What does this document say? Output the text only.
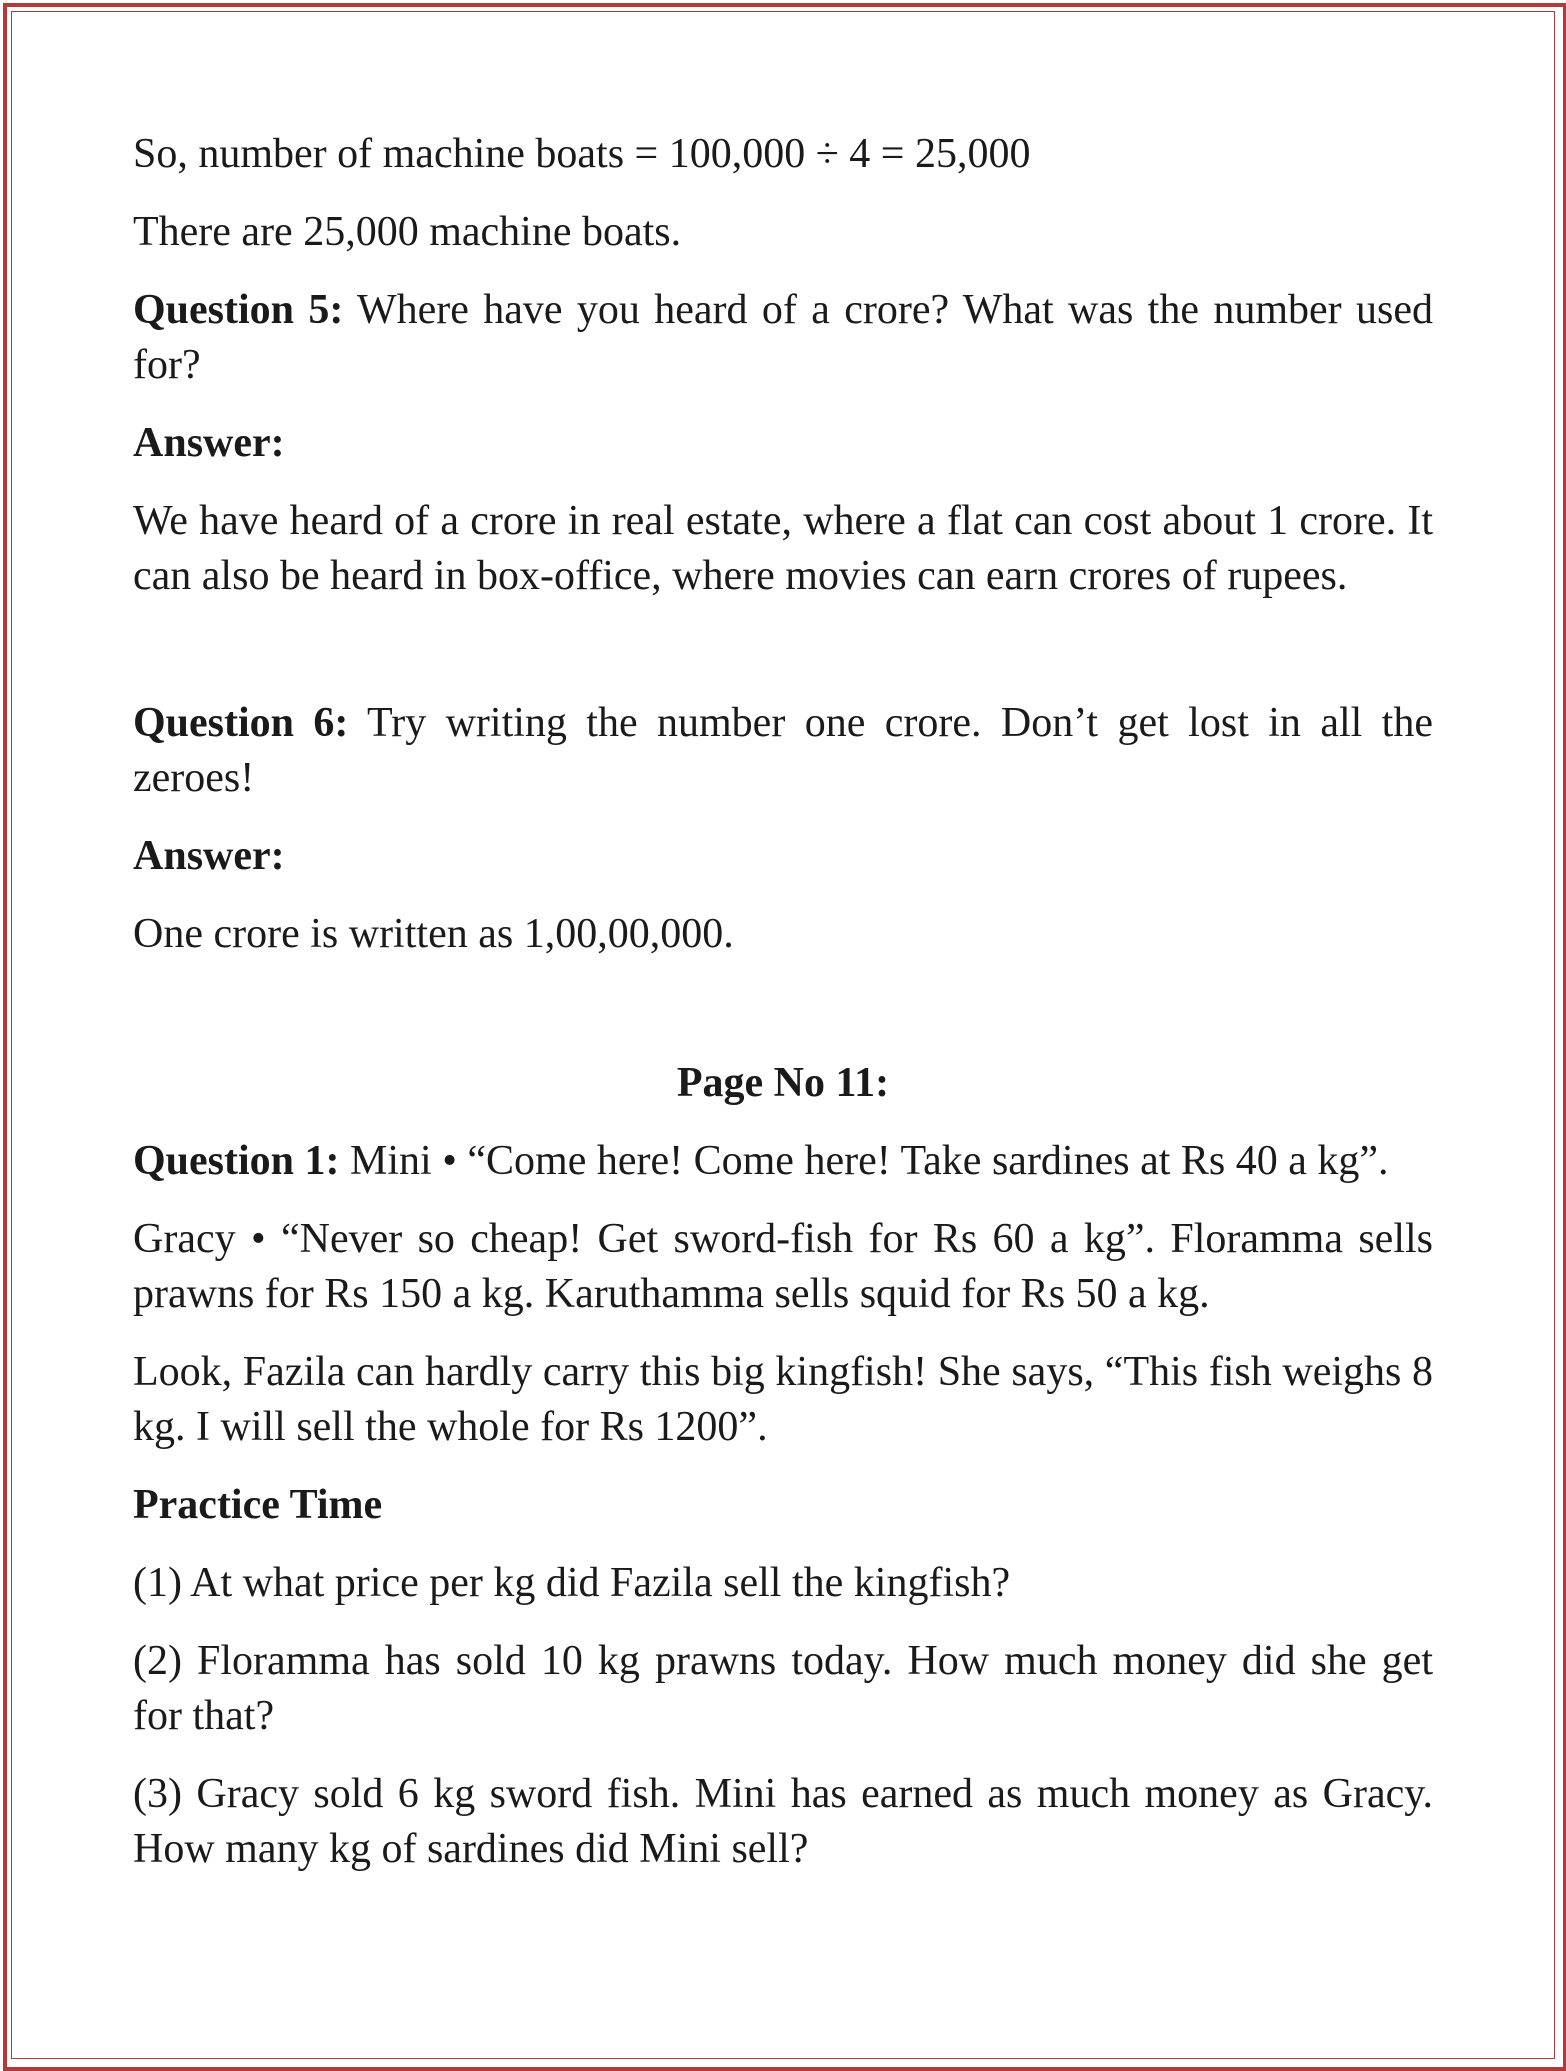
So, number of machine boats = 100,000 ÷ 4 = 25,000

There are 25,000 machine boats.

Question 5: Where have you heard of a crore? What was the number used for?

Answer:

We have heard of a crore in real estate, where a flat can cost about 1 crore. It can also be heard in box-office, where movies can earn crores of rupees.

Question 6: Try writing the number one crore. Don’t get lost in all the zeroes!

Answer:

One crore is written as 1,00,00,000.

Page No 11:

Question 1: Mini • “Come here! Come here! Take sardines at Rs 40 a kg”.

Gracy • “Never so cheap! Get sword-fish for Rs 60 a kg”. Floramma sells prawns for Rs 150 a kg. Karuthamma sells squid for Rs 50 a kg.

Look, Fazila can hardly carry this big kingfish! She says, “This fish weighs 8 kg. I will sell the whole for Rs 1200”.

Practice Time

(1) At what price per kg did Fazila sell the kingfish?

(2) Floramma has sold 10 kg prawns today. How much money did she get for that?

(3) Gracy sold 6 kg sword fish. Mini has earned as much money as Gracy. How many kg of sardines did Mini sell?
